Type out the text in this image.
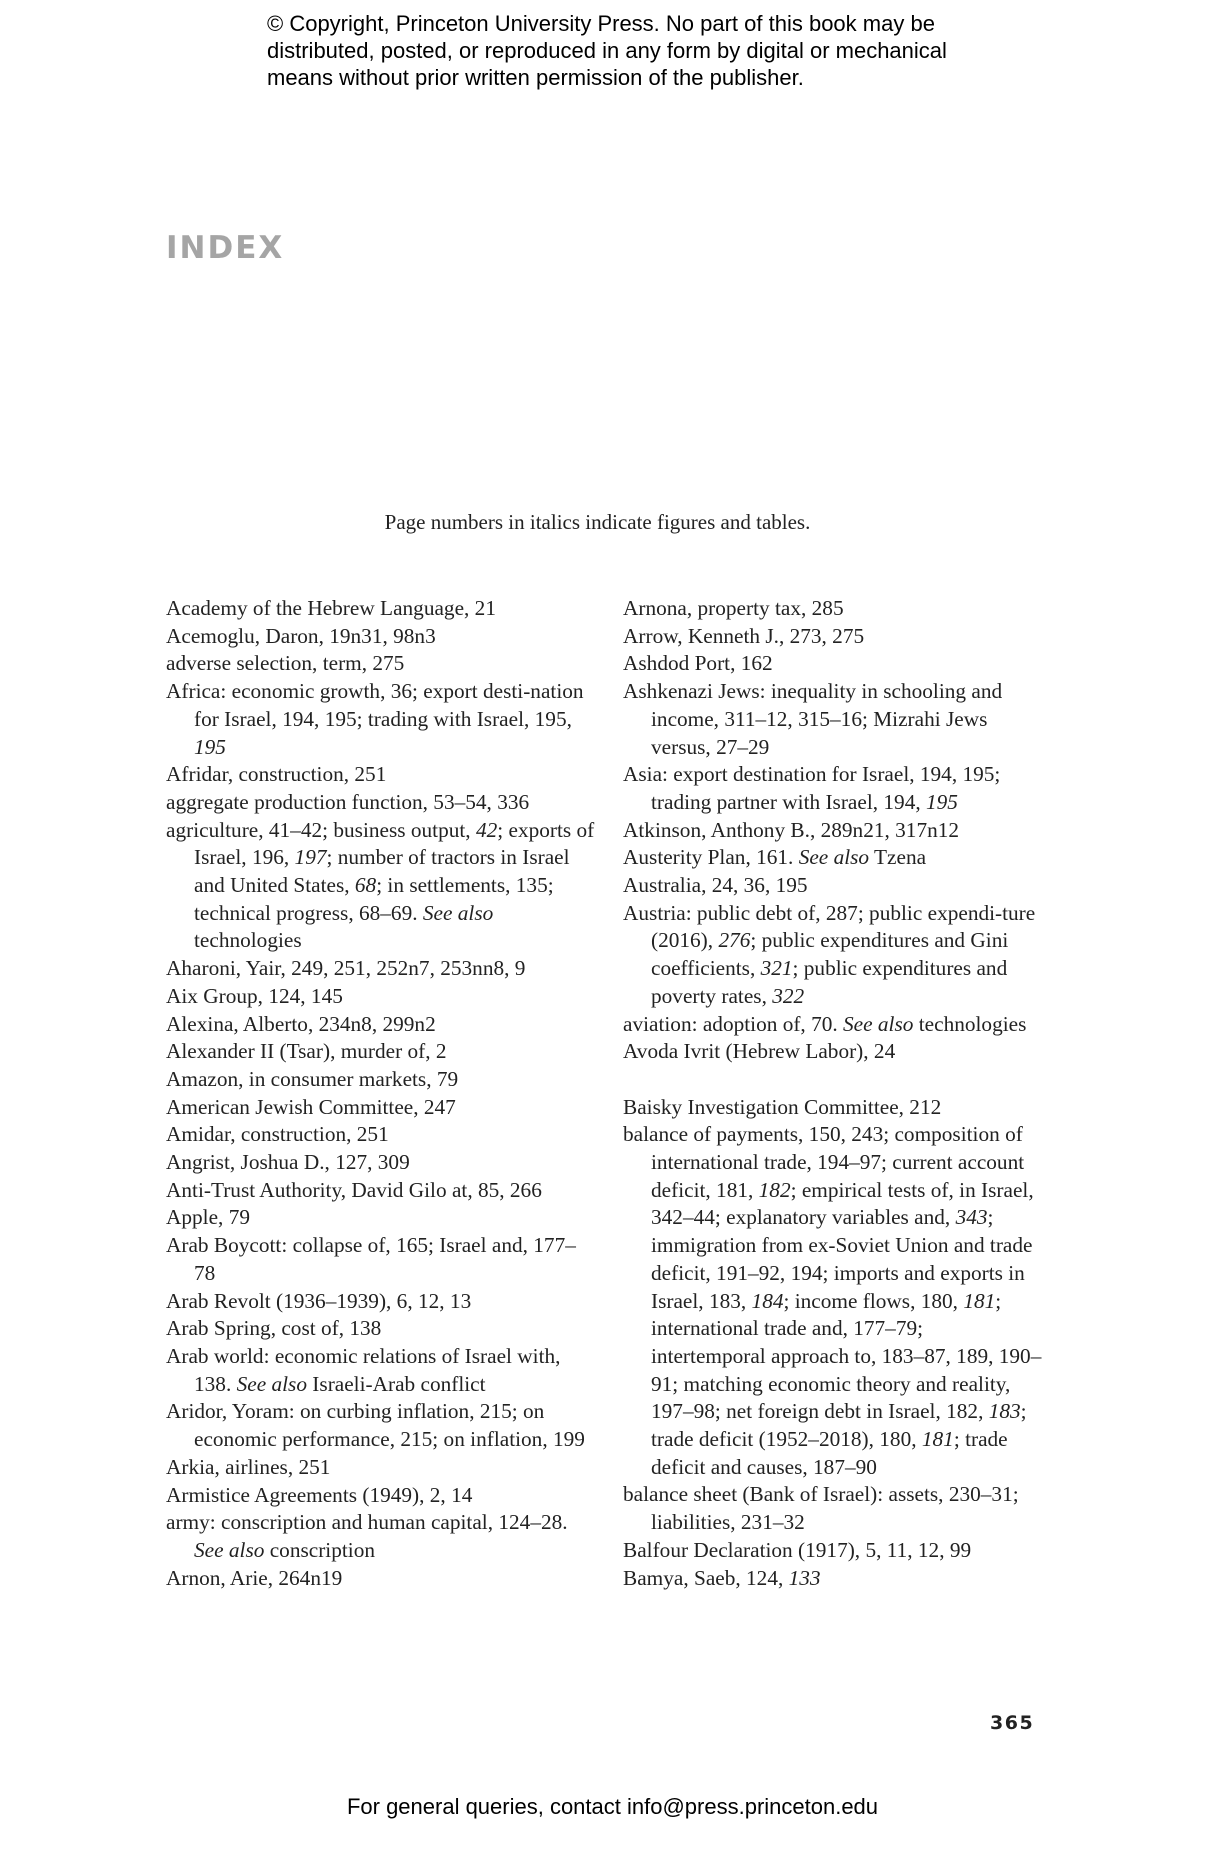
© Copyright, Princeton University Press. No part of this book may be
distributed, posted, or reproduced in any form by digital or mechanical
means without prior written permission of the publisher.
INDEX
Page numbers in italics indicate figures and tables.
Academy of the Hebrew Language, 21
Acemoglu, Daron, 19n31, 98n3
adverse selection, term, 275
Africa: economic growth, 36; export desti-nation for Israel, 194, 195; trading with Israel, 195, 195
Afridar, construction, 251
aggregate production function, 53–54, 336
agriculture, 41–42; business output, 42; exports of Israel, 196, 197; number of tractors in Israel and United States, 68; in settlements, 135; technical progress, 68–69. See also technologies
Aharoni, Yair, 249, 251, 252n7, 253nn8, 9
Aix Group, 124, 145
Alexina, Alberto, 234n8, 299n2
Alexander II (Tsar), murder of, 2
Amazon, in consumer markets, 79
American Jewish Committee, 247
Amidar, construction, 251
Angrist, Joshua D., 127, 309
Anti-Trust Authority, David Gilo at, 85, 266
Apple, 79
Arab Boycott: collapse of, 165; Israel and, 177–78
Arab Revolt (1936–1939), 6, 12, 13
Arab Spring, cost of, 138
Arab world: economic relations of Israel with, 138. See also Israeli-Arab conflict
Aridor, Yoram: on curbing inflation, 215; on economic performance, 215; on inflation, 199
Arkia, airlines, 251
Armistice Agreements (1949), 2, 14
army: conscription and human capital, 124–28. See also conscription
Arnon, Arie, 264n19
Arnona, property tax, 285
Arrow, Kenneth J., 273, 275
Ashdod Port, 162
Ashkenazi Jews: inequality in schooling and income, 311–12, 315–16; Mizrahi Jews versus, 27–29
Asia: export destination for Israel, 194, 195; trading partner with Israel, 194, 195
Atkinson, Anthony B., 289n21, 317n12
Austerity Plan, 161. See also Tzena
Australia, 24, 36, 195
Austria: public debt of, 287; public expendi-ture (2016), 276; public expenditures and Gini coefficients, 321; public expenditures and poverty rates, 322
aviation: adoption of, 70. See also technologies
Avoda Ivrit (Hebrew Labor), 24
Baisky Investigation Committee, 212
balance of payments, 150, 243; composition of international trade, 194–97; current account deficit, 181, 182; empirical tests of, in Israel, 342–44; explanatory variables and, 343; immigration from ex-Soviet Union and trade deficit, 191–92, 194; imports and exports in Israel, 183, 184; income flows, 180, 181; international trade and, 177–79; intertemporal approach to, 183–87, 189, 190–91; matching economic theory and reality, 197–98; net foreign debt in Israel, 182, 183; trade deficit (1952–2018), 180, 181; trade deficit and causes, 187–90
balance sheet (Bank of Israel): assets, 230–31; liabilities, 231–32
Balfour Declaration (1917), 5, 11, 12, 99
Bamya, Saeb, 124, 133
365
For general queries, contact info@press.princeton.edu
